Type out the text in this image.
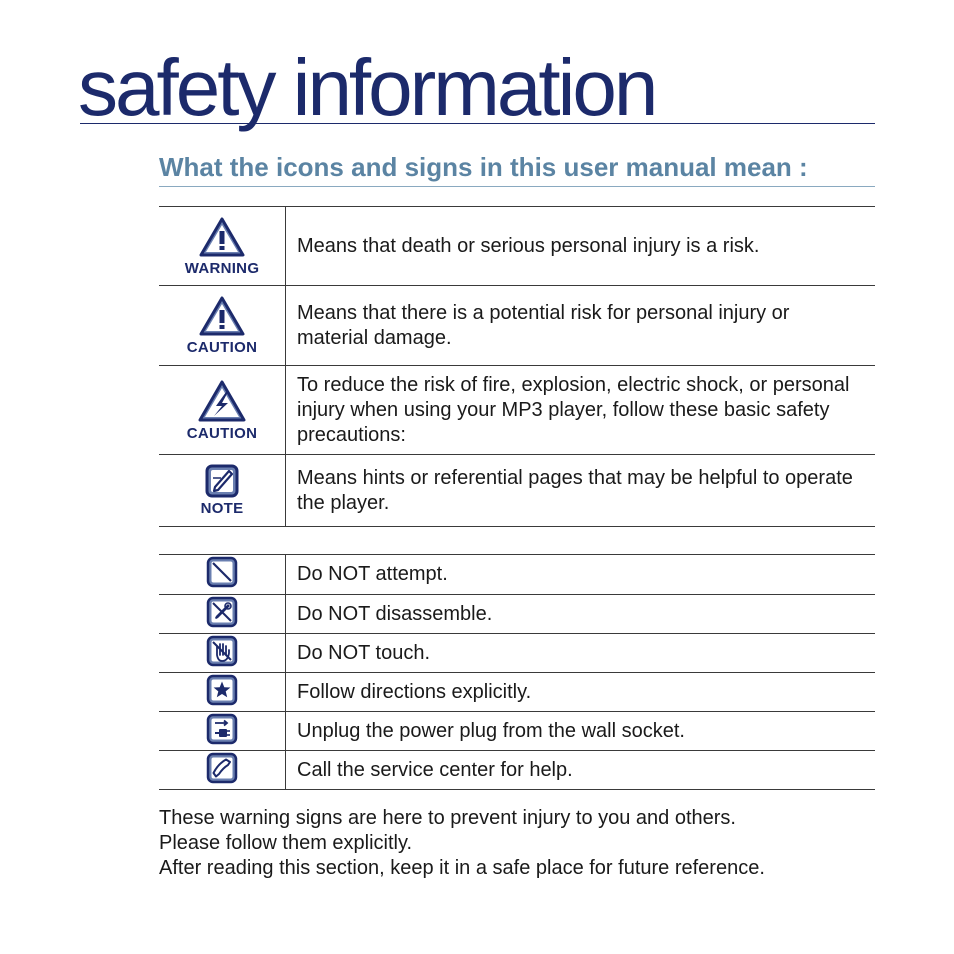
safety information
What the icons and signs in this user manual mean :
WARNING	Means that death or serious personal injury is a risk.

CAUTION	Means that there is a potential risk for personal injury or material damage.

CAUTION	To reduce the risk of fire, explosion, electric shock, or personal injury when using your MP3 player, follow these basic safety precautions:

NOTE	Means hints or referential pages that may be helpful to operate the player.
	Do NOT attempt.
	Do NOT disassemble.
	Do NOT touch.
	Follow directions explicitly.
	Unplug the power plug from the wall socket.
	Call the service center for help.
These warning signs are here to prevent injury to you and others.
Please follow them explicitly.
After reading this section, keep it in a safe place for future reference.
